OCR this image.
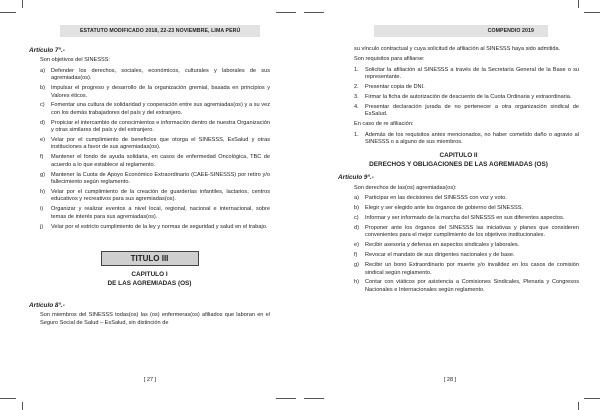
ESTATUTO MODIFICADO 2018, 22-23 NOVIEMBRE, LIMA PERÚ
Artículo 7°.-
Son objetivos del SINESSS:
a)	Defender los derechos, sociales, económicos, culturales y laborales de sus agremiadas(os).
b)	Impulsar el progreso y desarrollo de la organización gremial, basada en principios y Valores éticos.
c)	Fomentar una cultura de solidaridad y cooperación entre sus agremiadas(os) y a su vez con los demás trabajadores del país y del extranjero.
d)	Propiciar el intercambio de conocimientos e información dentro de nuestra Organización y otras similares del país y del extranjero.
e)	Velar por el cumplimiento de beneficios que otorga el SINESSS, EsSalud y otras instituciones a favor de sus agremiadas(os).
f)	Mantener el fondo de ayuda solidaria, en casos de enfermedad Oncológica, TBC de acuerdo a lo que establece al reglamento.
g)	Mantener la Cuota de Apoyo Económico Extraordinario (CAEE-SINESSS) por retiro y/o fallecimiento según reglamento.
h)	Velar por el cumplimiento de la creación de guarderías infantiles, lactarios, centros educativos y recreativos para sus agremiadas(os).
i)	Organizar y realizar eventos a nivel local, regional, nacional e internacional, sobre temas de interés para sus agremiadas(os).
j)	Velar por el estricto cumplimiento de la ley y normas de seguridad y salud en el trabajo.
TITULO III
CAPITULO I
DE LAS AGREMIADAS (OS)
Artículo 8°.-
Son miembros del SINESSS todas(os) las (os) enfermeras(os) afiliados que laboran en el Seguro Social de Salud – EsSalud, sin distinción de
[ 27 ]
COMPENDIO 2019
su vínculo contractual y cuya solicitud de afiliación al SINESSS haya sido admitida.
Son requisitos para afiliarse:
1.	Solicitar la afiliación al SINESSS a través de la Secretaría General de la Base o su representante.
2.	Presentar copia de DNI.
3.	Firmar la ficha de autorización de descuento de la Cuota Ordinaria y extraordinaria.
4.	Presentar declaración jurada de no pertenecer a otra organización sindical de EsSalud.
En caso de re afiliación:
1.	Además de los requisitos antes mencionados, no haber cometido daño o agravio al SINESSS o a alguno de sus miembros.
CAPITULO II
DERECHOS Y OBLIGACIONES DE LAS AGREMIADAS (OS)
Artículo 9°.-
Son derechos de las(os) agremiadas(os):
a)	Participar en las decisiones del SINESSS con voz y voto.
b)	Elegir y ser elegido ante los órganos de gobierno del SINESSS.
c)	Informar y ser informado de la marcha del SINESSS en sus diferentes aspectos.
d)	Proponer ante los órganos del SINESSS las iniciativas y planes que consideren convenientes para el mejor cumplimiento de los objetivos institucionales.
e)	Recibir asesoría y defensa en aspectos sindicales y laborales.
f)	Revocar el mandato de sus dirigentes nacionales y de base.
g)	Recibir un bono Extraordinario por muerte y/o invalidez en los casos de comisión sindical según reglamento.
h)	Contar con viáticos por asistencia a Comisiones Sindicales, Plenaria y Congresos Nacionales e Internacionales según reglamento.
[ 28 ]
